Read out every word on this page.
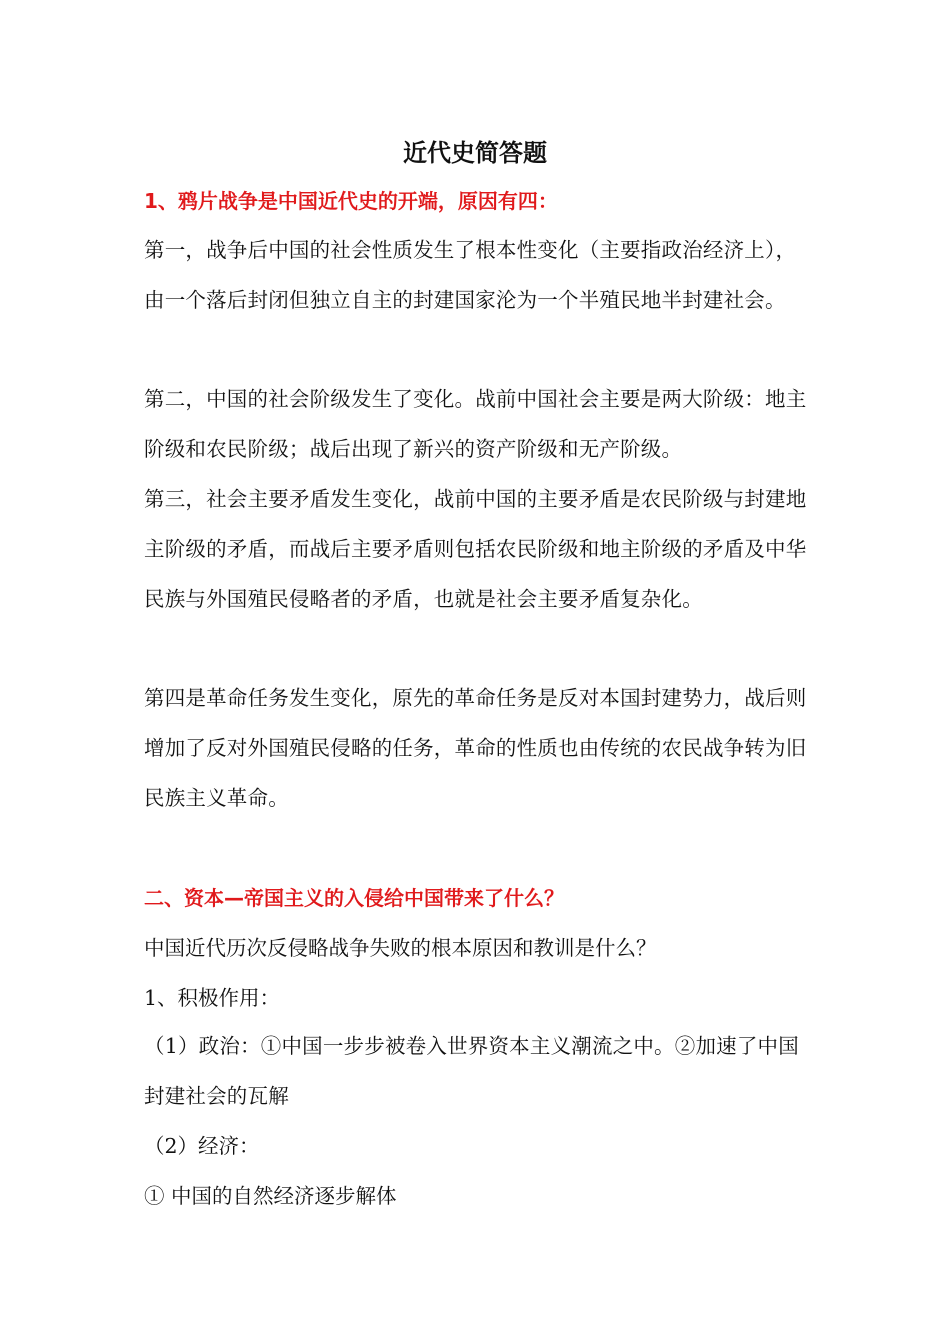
近代史简答题
1、鸦片战争是中国近代史的开端，原因有四：
第一，战争后中国的社会性质发生了根本性变化（主要指政治经济上），由一个落后封闭但独立自主的封建国家沦为一个半殖民地半封建社会。
第二，中国的社会阶级发生了变化。战前中国社会主要是两大阶级：地主阶级和农民阶级；战后出现了新兴的资产阶级和无产阶级。
第三，社会主要矛盾发生变化，战前中国的主要矛盾是农民阶级与封建地主阶级的矛盾，而战后主要矛盾则包括农民阶级和地主阶级的矛盾及中华民族与外国殖民侵略者的矛盾，也就是社会主要矛盾复杂化。
第四是革命任务发生变化，原先的革命任务是反对本国封建势力，战后则增加了反对外国殖民侵略的任务，革命的性质也由传统的农民战争转为旧民族主义革命。
二、资本—帝国主义的入侵给中国带来了什么？
中国近代历次反侵略战争失败的根本原因和教训是什么？
1、积极作用：
（1）政治：①中国一步步被卷入世界资本主义潮流之中。②加速了中国封建社会的瓦解
（2）经济：
① 中国的自然经济逐步解体
